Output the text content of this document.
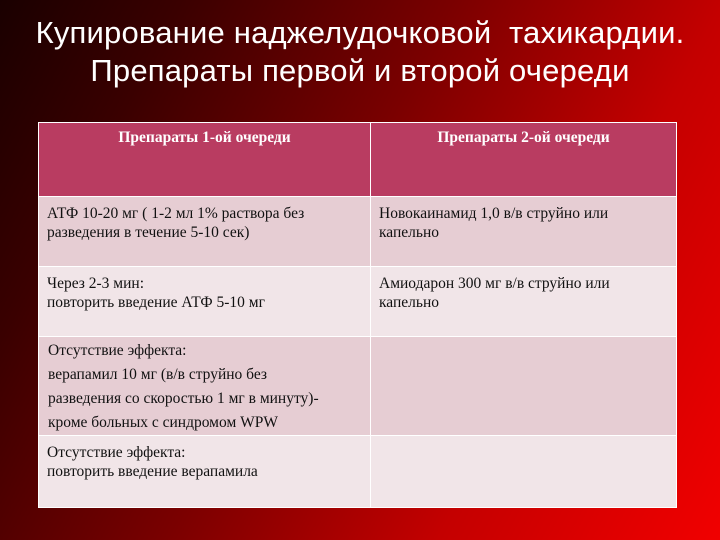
Купирование наджелудочковой  тахикардии.
Препараты первой и второй очереди
Препараты 1-ой очереди	Препараты 2-ой очереди

АТФ 10-20 мг ( 1-2 мл 1% раствора без
разведения в течение 5-10 сек)	Новокаинамид 1,0 в/в струйно или
капельно

Через 2-3 мин:
повторить введение АТФ 5-10 мг	Амиодарон 300 мг в/в струйно или
капельно

Отсутствие эффекта:
верапамил 10 мг (в/в струйно без
разведения со скоростью 1 мг в минуту)-
кроме больных с синдромом WPW	

Отсутствие эффекта:
повторить введение верапамила	
